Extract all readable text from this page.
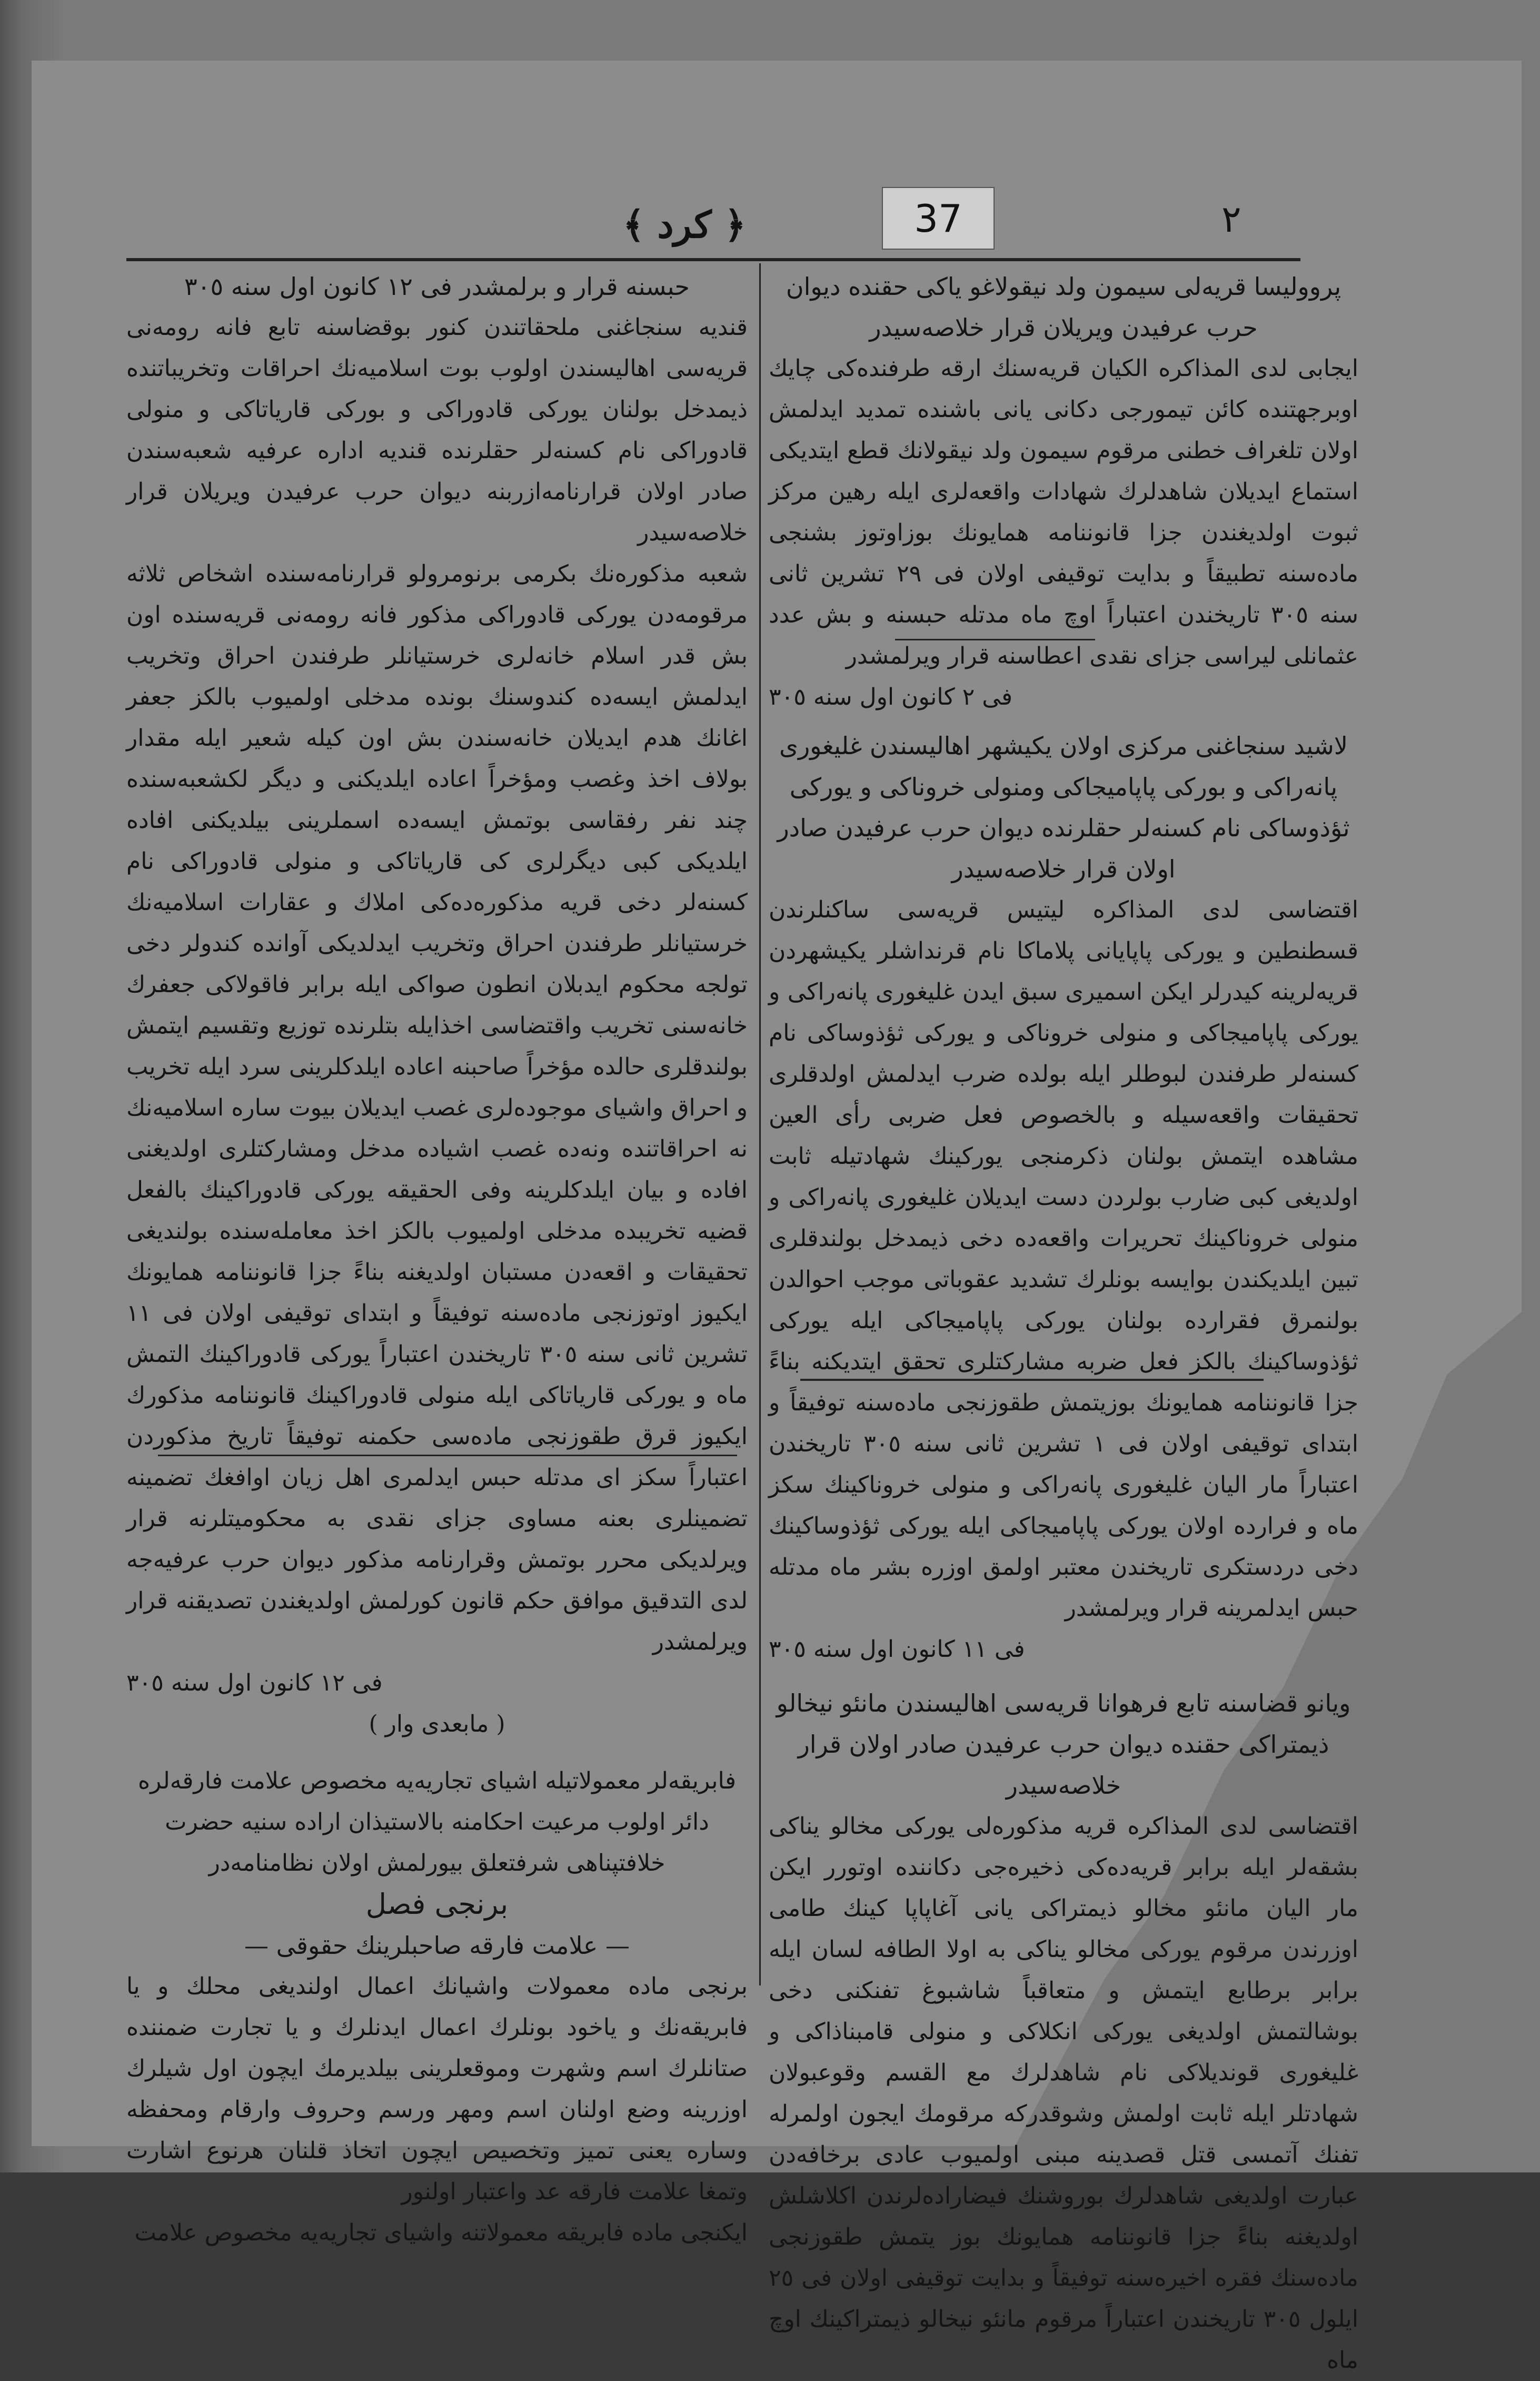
37	٢
﴿ كرد ﴾

حبسنه قرار و برلمشدر فى ١٢ كانون اول سنه ٣٠٥

قنديه سنجاغنى ملحقاتندن كنور بوقضاسنه تابع فانه رومه‌نى قريه‌سى اهاليسندن اولوب بوت اسلاميه‌نك احراقات وتخريباتنده ذيمدخل بولنان يوركى قادوراكى و بوركى قارياتاكى و منولى قادوراكى نام كسنه‌لر حقلرنده قنديه اداره عرفيه شعبه‌سندن صادر اولان قرارنامه‌ازربنه ديوان حرب عرفيدن ويريلان قرار خلاصه‌سيدر

شعبه مذكوره‌نك بكرمى برنومرولو قرارنامه‌سنده اشخاص ثلاثه مرقومه‌دن يوركى قادوراكى مذكور فانه رومه‌نى قريه‌سنده اون بش قدر اسلام خانه‌لرى خرستيانلر طرفندن احراق وتخريب ايدلمش ايسه‌ده كندوسنك بونده مدخلى اولميوب بالكز جعفر اغانك هدم ايديلان خانه‌سندن بش اون كيله شعير ايله مقدار بولاف اخذ وغصب ومؤخراً اعاده ايلديكنى و ديگر لكشعبه‌سنده چند نفر رفقاسى بوتمش ايسه‌ده اسملرينى بيلديكنى افاده ايلديكى كبى ديگرلرى كى قارياتاكى و منولى قادوراكى نام كسنه‌لر دخى قريه مذكوره‌ده‌كى املاك و عقارات اسلاميه‌نك خرستيانلر طرفندن احراق وتخريب ايدلديكى آوانده كندولر دخى تولجه محكوم ايدبلان انطون صواكى ايله برابر فاقولاكى جعفرك خانه‌سنى تخريب واقتضاسى اخذايله بتلرنده توزيع وتقسيم ايتمش بولندقلرى حالده مؤخراً صاحبنه اعاده ايلدكلرينى سرد ايله تخريب و احراق واشياى موجوده‌لرى غصب ايديلان بيوت ساره اسلاميه‌نك نه احراقاتنده ونه‌ده غصب اشياده مدخل ومشاركتلرى اولديغنى افاده و بيان ايلدكلرينه وفى الحقيقه يوركى قادوراكينك بالفعل قضيه تخريبده مدخلى اولميوب بالكز اخذ معامله‌سنده بولنديغى تحقيقات و اقعه‌دن مستبان اولديغنه بناءً جزا قانوننامه همايونك ايكيوز اوتوزنجى ماده‌سنه توفيقاً و ابتداى توقيفى اولان فى ١١ تشرين ثانى سنه ٣٠٥ تاريخندن اعتباراً يوركى قادوراكينك التمش ماه و يوركى قارياتاكى ايله منولى قادوراكينك قانوننامه مذكورك ايكيوز قرق طقوزنجى ماده‌سى حكمنه توفيقاً تاريخ مذكوردن اعتباراً سكز اى مدتله حبس ايدلمرى اهل زيان اوافغك تضمينه تضمينلرى بعنه مساوى جزاى نقدى به محكوميتلرنه قرار ويرلديكى محرر بوتمش وقرارنامه مذكور ديوان حرب عرفيه‌جه لدى التدقيق موافق حكم قانون كورلمش اولديغندن تصديقنه قرار ويرلمشدر

فى ١٢ كانون اول سنه ٣٠٥

( مابعدى وار )

فابريقه‌لر معمولاتيله اشياى تجاريه‌يه مخصوص علامت فارقه‌لره دائر اولوب مرعيت احكامنه بالاستيذان اراده سنيه حضرت خلافتپناهى شرفتعلق بيورلمش اولان نظامنامه‌در

برنجى فصل

— علامت فارقه صاحبلرينك حقوقى —

برنجى ماده معمولات واشيانك اعمال اولنديغى محلك و يا فابريقه‌نك و ياخود بونلرك اعمال ايدنلرك و يا تجارت ضمننده صتانلرك اسم وشهرت وموقعلرينى بيلديرمك ايچون اول شيلرك اوزرينه وضع اولنان اسم ومهر ورسم وحروف وارقام ومحفظه وساره يعنى تميز وتخصيص ايچون اتخاذ قلنان هرنوع اشارت وتمغا علامت فارقه عد واعتبار اولنور

ايكنجى ماده فابريقه معمولاتنه واشياى تجاريه‌يه مخصوص علامت

پرووليسا قريه‌لى سيمون ولد نيقولاغو ياكى حقنده ديوان حرب عرفيدن ويريلان قرار خلاصه‌سيدر

ايجابى لدى المذاكره الكيان قريه‌سنك ارقه طرفنده‌كى چايك اوبرجهتنده كائن تيمورجى دكانى يانى باشنده تمديد ايدلمش اولان تلغراف خطنى مرقوم سيمون ولد نيقولانك قطع ايتديكى استماع ايديلان شاهدلرك شهادات واقعه‌لرى ايله رهين مركز ثبوت اولديغندن جزا قانوننامه همايونك بوزاوتوز بشنجى ماده‌سنه تطبيقاً و بدايت توقيفى اولان فى ٢٩ تشرين ثانى سنه ٣٠٥ تاريخندن اعتباراً اوچ ماه مدتله حبسنه و بش عدد عثمانلى ليراسى جزاى نقدى اعطاسنه قرار ويرلمشدر

فى ٢ كانون اول سنه ٣٠٥

لاشيد سنجاغنى مركزى اولان يكيشهر اهاليسندن غليغورى پانه‌راكى و بوركى پاپاميجاكى ومنولى خروناكى و يوركى ثؤذوساكى نام كسنه‌لر حقلرنده ديوان حرب عرفيدن صادر اولان قرار خلاصه‌سيدر

اقتضاسى لدى المذاكره ليتيس قريه‌سى ساكنلرندن قسطنطين و يوركى پاپايانى پلاماكا نام قرنداشلر يكيشهردن قريه‌لرينه كيدرلر ايكن اسميرى سبق ايدن غليغورى پانه‌راكى و يوركى پاپاميجاكى و منولى خروناكى و يوركى ثؤذوساكى نام كسنه‌لر طرفندن لبوطلر ايله بولده ضرب ايدلمش اولدقلرى تحقيقات واقعه‌سيله و بالخصوص فعل ضربى رأى العين مشاهده ايتمش بولنان ذكرمنجى يوركينك شهادتيله ثابت اولديغى كبى ضارب بولردن دست ايديلان غليغورى پانه‌راكى و منولى خروناكينك تحريرات واقعه‌ده دخى ذيمدخل بولندقلرى تبين ايلديكندن بوايسه بونلرك تشديد عقوباتى موجب احوالدن بولنمرق فقرارده بولنان يوركى پاپاميجاكى ايله يوركى ثؤذوساكينك بالكز فعل ضربه مشاركتلرى تحقق ايتديكنه بناءً جزا قانوننامه همايونك بوزيتمش طقوزنجى ماده‌سنه توفيقاً و ابتداى توقيفى اولان فى ١ تشرين ثانى سنه ٣٠٥ تاريخندن اعتباراً مار اليان غليغورى پانه‌راكى و منولى خروناكينك سكز ماه و فرارده اولان يوركى پاپاميجاكى ايله يوركى ثؤذوساكينك دخى دردستكرى تاريخندن معتبر اولمق اوزره بشر ماه مدتله حبس ايدلمرينه قرار ويرلمشدر

فى ١١ كانون اول سنه ٣٠٥

ويانو قضاسنه تابع فرهوانا قريه‌سى اهاليسندن مانئو نيخالو ذيمتراكى حقنده ديوان حرب عرفيدن صادر اولان قرار خلاصه‌سيدر

اقتضاسى لدى المذاكره قريه مذكوره‌لى يوركى مخالو يناكى بشقه‌لر ايله برابر قريه‌ده‌كى ذخيره‌جى دكاننده اوتورر ايكن مار اليان مانئو مخالو ذيمتراكى يانى آغاپاپا كينك طامى اوزرندن مرقوم يوركى مخالو يناكى به اولا الطافه لسان ايله برابر برطابع ايتمش و متعاقباً شاشبوغ تفنكنى دخى بوشالتمش اولديغى يوركى انكلاكى و منولى قامبناذاكى و غليغورى قونديلاكى نام شاهدلرك مع القسم وقوعبولان شهادتلر ايله ثابت اولمش وشوقدركه مرقومك ايجون اولمرله تفنك آتمسى قتل قصدينه مبنى اولميوب عادى برخافه‌دن عبارت اولديغى شاهدلرك بوروشنك فيضاراده‌لرندن اكلاشلش اولديغنه بناءً جزا قانوننامه همايونك بوز يتمش طقوزنجى ماده‌سنك فقره اخيره‌سنه توفيقاً و بدايت توقيفى اولان فى ٢٥ ايلول ٣٠٥ تاريخندن اعتباراً مرقوم مانئو نيخالو ذيمتراكينك اوچ ماه
